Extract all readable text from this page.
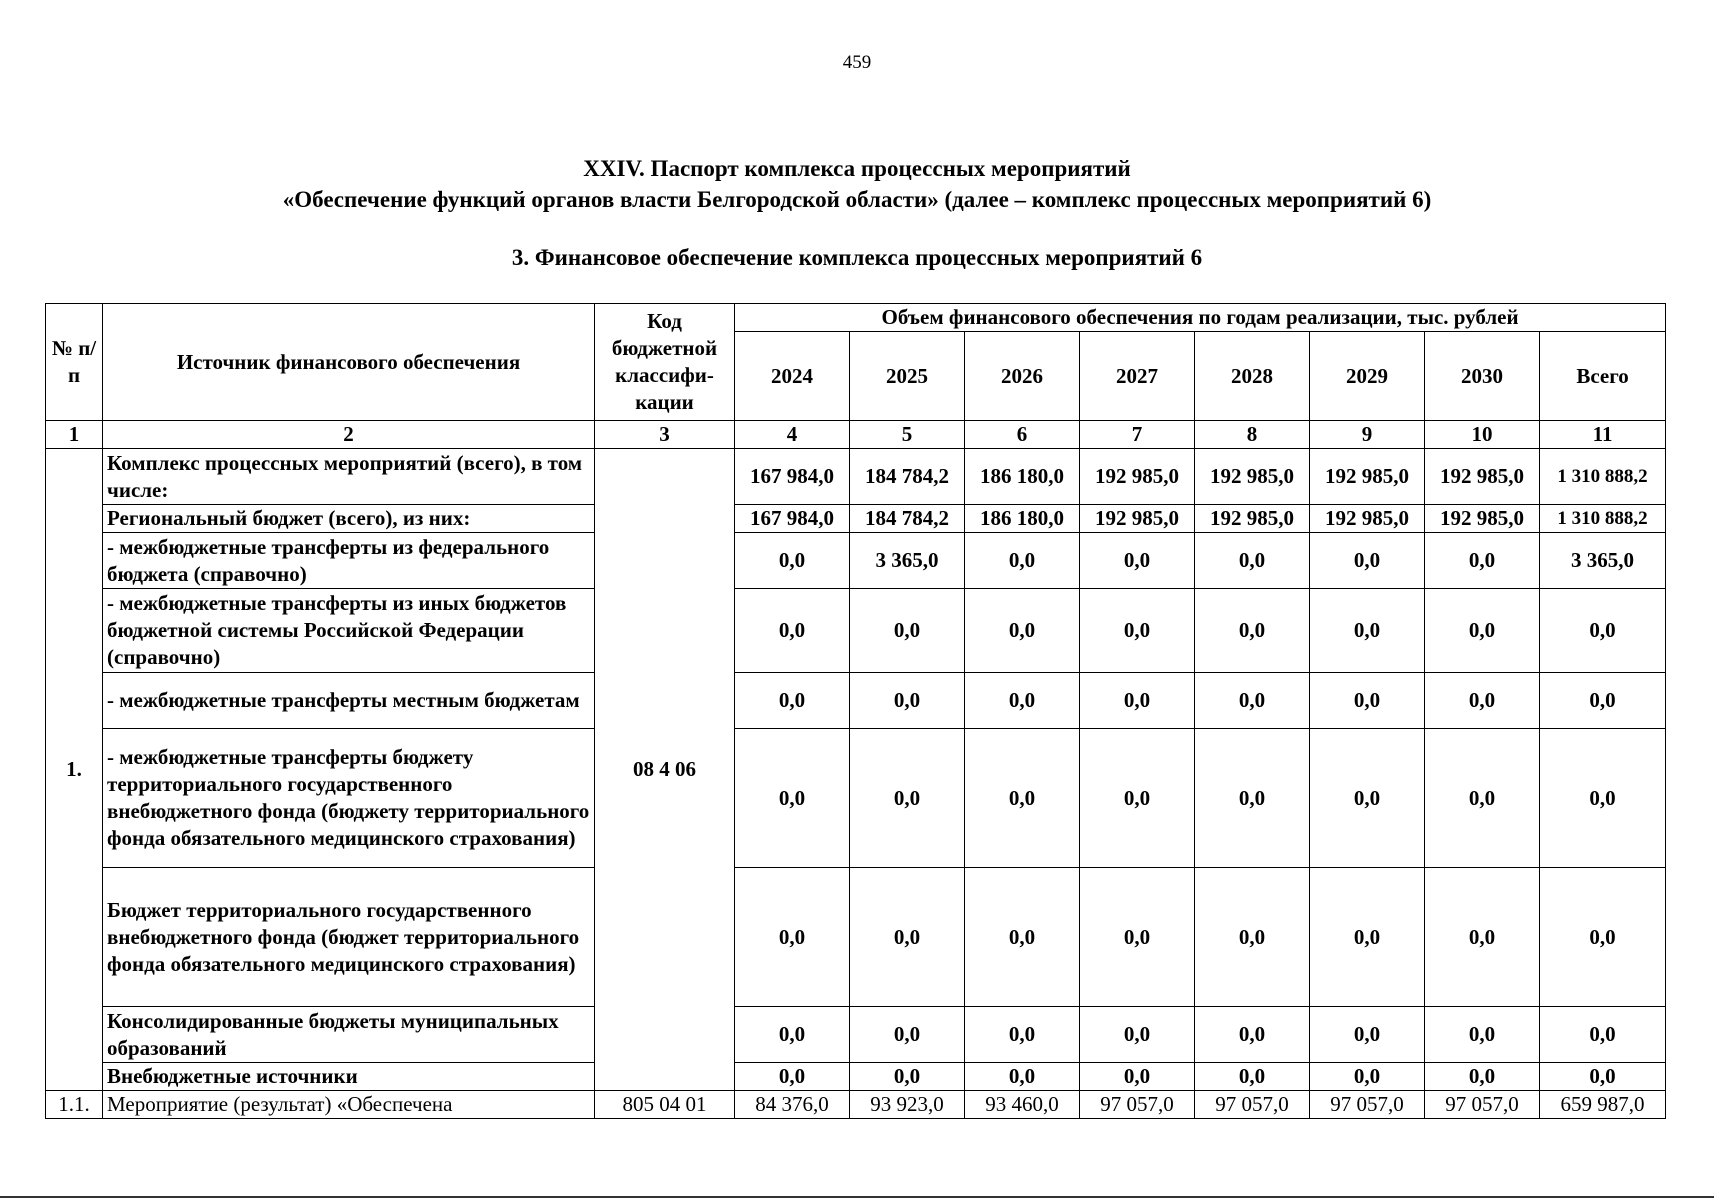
459
XXIV. Паспорт комплекса процессных мероприятий
«Обеспечение функций органов власти Белгородской области» (далее – комплекс процессных мероприятий 6)
3. Финансовое обеспечение комплекса процессных мероприятий 6
№ п/п	Источник финансового обеспечения	Код бюджетной классифи-кации	Объем финансового обеспечения по годам реализации, тыс. рублей							
			2024	2025	2026	2027	2028	2029	2030	Всего
1	2	3	4	5	6	7	8	9	10	11
1.	Комплекс процессных мероприятий (всего), в том числе:	08 4 06	167 984,0	184 784,2	186 180,0	192 985,0	192 985,0	192 985,0	192 985,0	1 310 888,2
	Региональный бюджет (всего), из них:		167 984,0	184 784,2	186 180,0	192 985,0	192 985,0	192 985,0	192 985,0	1 310 888,2
	- межбюджетные трансферты из федерального бюджета (справочно)		0,0	3 365,0	0,0	0,0	0,0	0,0	0,0	3 365,0
	- межбюджетные трансферты из иных бюджетов бюджетной системы Российской Федерации (справочно)		0,0	0,0	0,0	0,0	0,0	0,0	0,0	0,0
	- межбюджетные трансферты местным бюджетам		0,0	0,0	0,0	0,0	0,0	0,0	0,0	0,0
	- межбюджетные трансферты бюджету территориального государственного внебюджетного фонда (бюджету территориального фонда обязательного медицинского страхования)		0,0	0,0	0,0	0,0	0,0	0,0	0,0	0,0
	Бюджет территориального государственного внебюджетного фонда (бюджет территориального фонда обязательного медицинского страхования)		0,0	0,0	0,0	0,0	0,0	0,0	0,0	0,0
	Консолидированные бюджеты муниципальных образований		0,0	0,0	0,0	0,0	0,0	0,0	0,0	0,0
	Внебюджетные источники		0,0	0,0	0,0	0,0	0,0	0,0	0,0	0,0
1.1.	Мероприятие (результат) «Обеспечена	805 04 01	84 376,0	93 923,0	93 460,0	97 057,0	97 057,0	97 057,0	97 057,0	659 987,0
